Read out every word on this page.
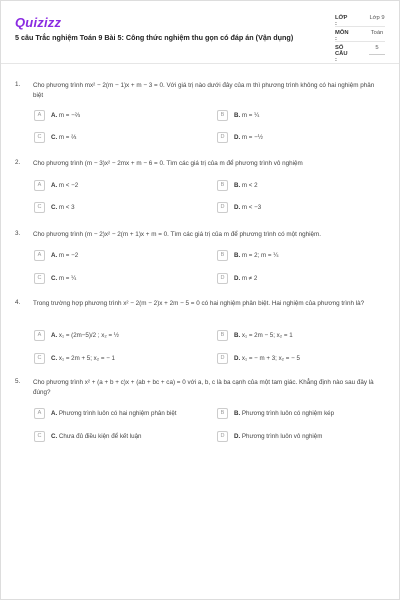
Quizizz
5 câu Trắc nghiệm Toán 9 Bài 5: Công thức nghiệm thu gọn có đáp án (Vận dụng)
LỚP :
Lớp 9
MÔN :
Toán
SỐ CÂU :
5
1. Cho phương trình mx² − 2(m − 1)x + m − 3 = 0. Với giá trị nào dưới đây của m thì phương trình không có hai nghiệm phân biệt
A A. m = −⅔	B B. m = ¼
C C. m = ⅔	D D. m = −½
2. Cho phương trình (m − 3)x² − 2mx + m − 6 = 0. Tìm các giá trị của m để phương trình vô nghiệm
A A. m < −2	B B. m < 2
C C. m < 3	D D. m < −3
3. Cho phương trình (m − 2)x² − 2(m + 1)x + m = 0. Tìm các giá trị của m để phương trình có một nghiệm.
A A. m = −2	B B. m = 2; m = ¼
C C. m = ¼	D D. m ≠ 2
4. Trong trường hợp phương trình x² − 2(m − 2)x + 2m − 5 = 0 có hai nghiệm phân biệt. Hai nghiệm của phương trình là?
A A. x₁ = (2m−5)/2 ; x₂ = ½	B B. x₁ = 2m − 5; x₂ = 1
C C. x₁ = 2m + 5; x₂ = − 1	D D. x₁ = − m + 3; x₂ = − 5
5. Cho phương trình x² + (a + b + c)x + (ab + bc + ca) = 0 với a, b, c là ba cạnh của một tam giác. Khẳng định nào sau đây là đúng?
A A. Phương trình luôn có hai nghiệm phân biệt	B B. Phương trình luôn có nghiệm kép
C C. Chưa đủ điều kiện để kết luận	D D. Phương trình luôn vô nghiệm
